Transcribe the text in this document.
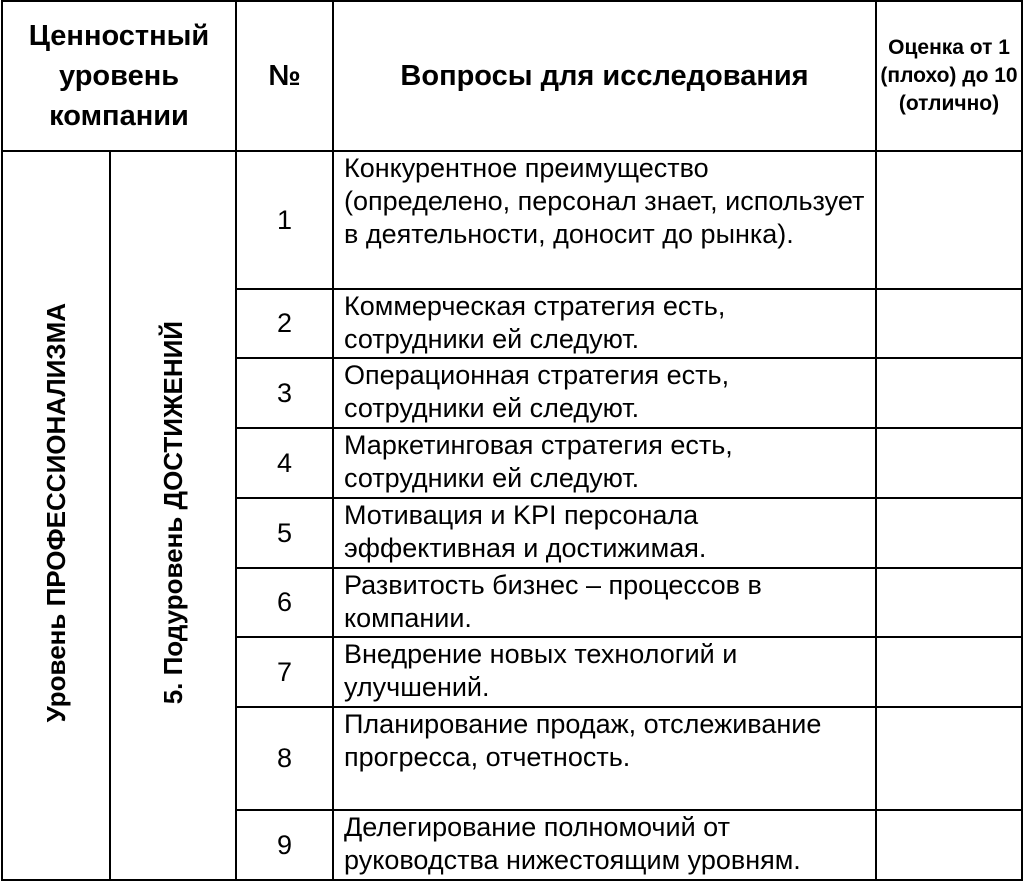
Ценностный уровень компании		№	Вопросы для исследования	Оценка от 1 (плохо) до 10 (отлично)
Уровень ПРОФЕССИОНАЛИЗМА	5. Подуровень ДОСТИЖЕНИЙ	1	Конкурентное преимущество (определено, персонал знает, использует в деятельности, доносит до рынка).	
		2	Коммерческая стратегия есть, сотрудники ей следуют.	
		3	Операционная стратегия есть, сотрудники ей следуют.	
		4	Маркетинговая стратегия есть, сотрудники ей следуют.	
		5	Мотивация и KPI персонала эффективная и достижимая.	
		6	Развитость бизнес – процессов в компании.	
		7	Внедрение новых технологий и улучшений.	
		8	Планирование продаж, отслеживание прогресса, отчетность.	
		9	Делегирование полномочий от руководства нижестоящим уровням.	
